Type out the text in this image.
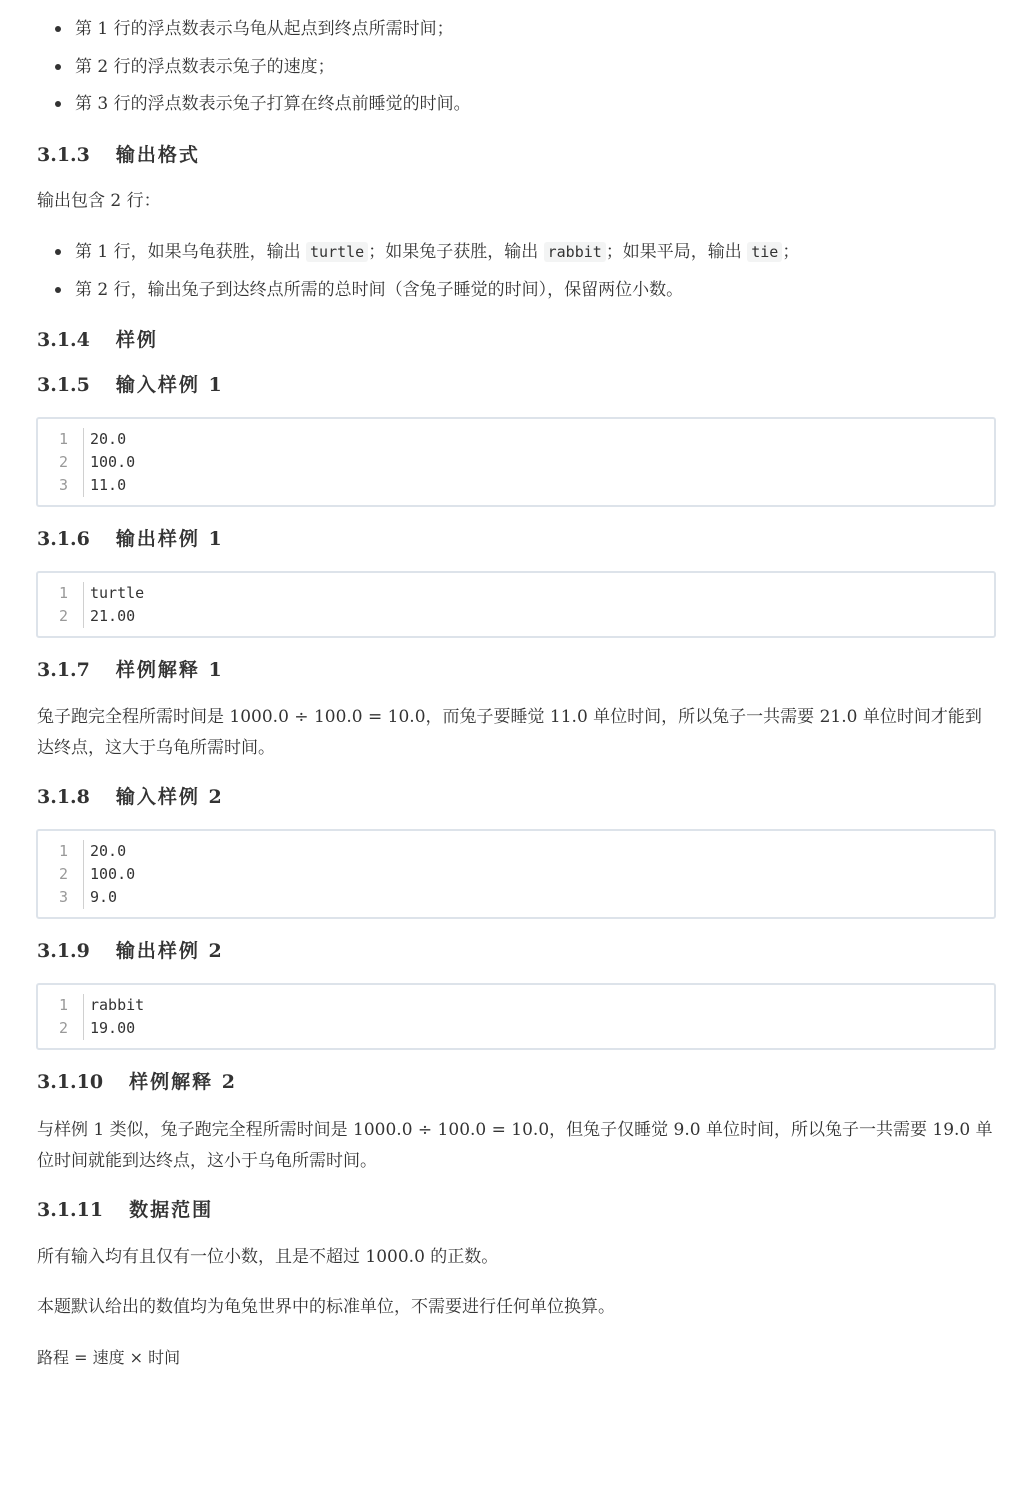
第 1 行的浮点数表示乌龟从起点到终点所需时间；
第 2 行的浮点数表示兔子的速度；
第 3 行的浮点数表示兔子打算在终点前睡觉的时间。
3.1.3 输出格式
输出包含 2 行：
第 1 行，如果乌龟获胜，输出 turtle ；如果兔子获胜，输出 rabbit ；如果平局，输出 tie ；
第 2 行，输出兔子到达终点所需的总时间（含兔子睡觉的时间），保留两位小数。
3.1.4 样例
3.1.5 输入样例 1
1 20.0
2 100.0
3 11.0
3.1.6 输出样例 1
1 turtle
2 21.00
3.1.7 样例解释 1
兔子跑完全程所需时间是 1000.0 ÷ 100.0 = 10.0，而兔子要睡觉 11.0 单位时间，所以兔子一共需要 21.0 单位时间才能到达终点，这大于乌龟所需时间。
3.1.8 输入样例 2
1 20.0
2 100.0
3 9.0
3.1.9 输出样例 2
1 rabbit
2 19.00
3.1.10 样例解释 2
与样例 1 类似，兔子跑完全程所需时间是 1000.0 ÷ 100.0 = 10.0，但兔子仅睡觉 9.0 单位时间，所以兔子一共需要 19.0 单位时间就能到达终点，这小于乌龟所需时间。
3.1.11 数据范围
所有输入均有且仅有一位小数，且是不超过 1000.0 的正数。
本题默认给出的数值均为龟兔世界中的标准单位，不需要进行任何单位换算。
路程 = 速度 × 时间
